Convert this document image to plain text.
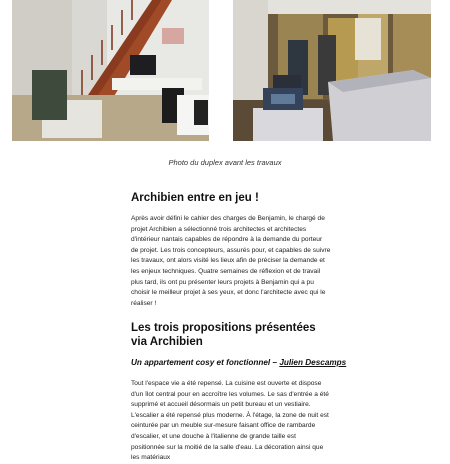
Photo du duplex avant les travaux
Archibien entre en jeu !

Après avoir défini le cahier des charges de Benjamin, le chargé de projet Archibien a sélectionné trois architectes et architectes d'intérieur nantais capables de répondre à la demande du porteur de projet. Les trois concepteurs, assurés pour, et capables de suivre les travaux, ont alors visité les lieux afin de préciser la demande et les enjeux techniques. Quatre semaines de réflexion et de travail plus tard, ils ont pu présenter leurs projets à Benjamin qui a pu choisir le meilleur projet à ses yeux, et donc l'architecte avec qui le réaliser !

Les trois propositions présentées via Archibien
Un appartement cosy et fonctionnel – Julien Descamps

Tout l'espace vie a été repensé. La cuisine est ouverte et dispose d'un îlot central pour en accroître les volumes. Le sas d'entrée a été supprimé et accueil désormais un petit bureau et un vestiaire. L'escalier a été repensé plus moderne. À l'étage, la zone de nuit est ceinturée par un meuble sur-mesure faisant office de rambarde d'escalier, et une douche à l'italienne de grande taille est positionnée sur la moitié de la salle d'eau. La décoration ainsi que les matériaux
